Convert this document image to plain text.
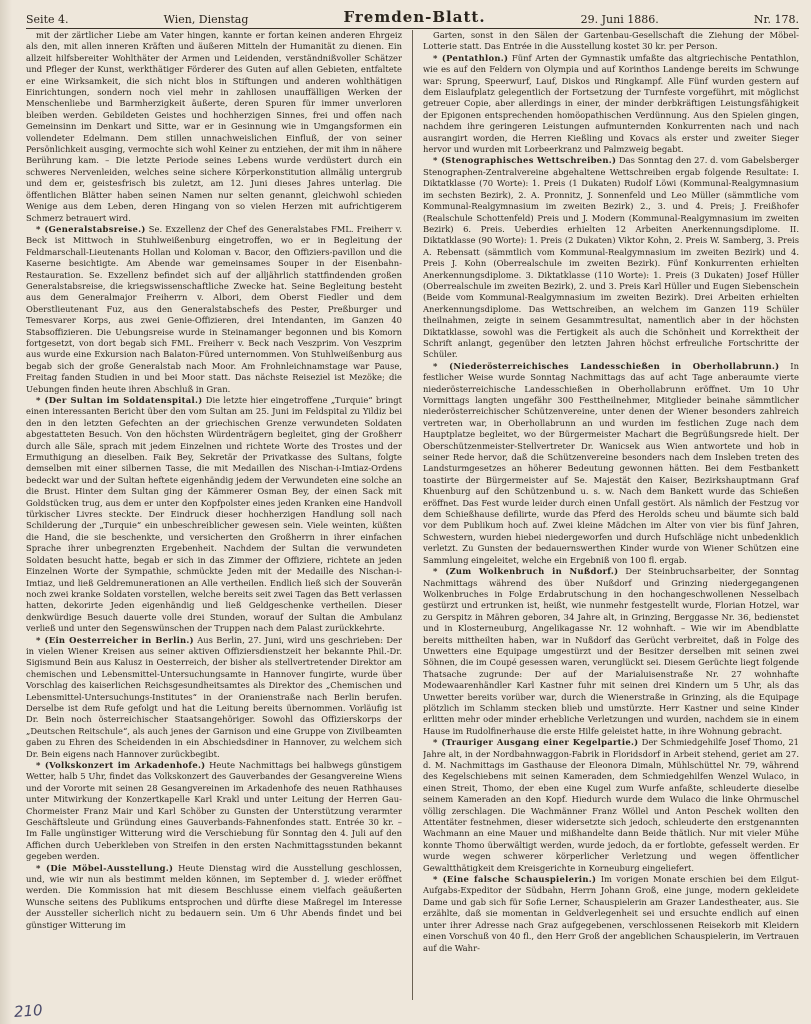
Seite 4.	Wien, Dienstag	Fremden-Blatt.	29. Juni 1886.	Nr. 178.

mit der zärtlicher Liebe am Vater hingen, kannte er fortan keinen anderen Ehrgeiz als den, mit allen inneren Kräften und äußeren Mitteln der Humanität zu dienen. Ein allzeit hilfsbereiter Wohlthäter der Armen und Leidenden, verständnißvoller Schätzer und Pfleger der Kunst, werkthätiger Förderer des Guten auf allen Gebieten, entfaltete er eine Wirksamkeit, die sich nicht blos in Stiftungen und anderen wohlthätigen Einrichtungen, sondern noch viel mehr in zahllosen unauffälligen Werken der Menschenliebe und Barmherzigkeit äußerte, deren Spuren für immer unverloren bleiben werden. Gebildeten Geistes und hochherzigen Sinnes, frei und offen nach Gemeinsinn im Denkart und Sitte, war er in Gesinnung wie in Umgangsformen ein vollendeter Edelmann. Dem stillen unnachweislichen Einfluß, der von seiner Persönlichkeit ausging, vermochte sich wohl Keiner zu entziehen, der mit ihm in nähere Berührung kam. – Die letzte Periode seines Lebens wurde verdüstert durch ein schweres Nervenleiden, welches seine sichere Körperkonstitution allmälig untergrub und dem er, geistesfrisch bis zuletzt, am 12. Juni dieses Jahres unterlag. Die öffentlichen Blätter haben seinen Namen nur selten genannt, gleichwohl schieden Wenige aus dem Leben, deren Hingang von so vielen Herzen mit aufrichtigerem Schmerz betrauert wird.

* (Generalstabsreise.) Se. Exzellenz der Chef des Generalstabes FML. Freiherr v. Beck ist Mittwoch in Stuhlweißenburg eingetroffen, wo er in Begleitung der Feldmarschall-Lieutenants Hollan und Koloman v. Bacor, den Offiziers-pavillon und die Kaserne besichtigte. Am Abende war gemeinsames Souper in der Eisenbahn-Restauration. Se. Exzellenz befindet sich auf der alljährlich stattfindenden großen Generalstabsreise, die kriegswissenschaftliche Zwecke hat. Seine Begleitung besteht aus dem Generalmajor Freiherrn v. Albori, dem Oberst Fiedler und dem Oberstlieutenant Fuz, aus den Generalstabschefs des Pester, Preßburger und Temesvarer Korps, aus zwei Genie-Offizieren, drei Intendanten, im Ganzen 40 Stabsoffizieren. Die Uebungsreise wurde in Steinamanger begonnen und bis Komorn fortgesetzt, von dort begab sich FML. Freiherr v. Beck nach Veszprim. Von Veszprim aus wurde eine Exkursion nach Balaton-Füred unternommen. Von Stuhlweißenburg aus begab sich der große Generalstab nach Moor. Am Frohnleichnamstage war Pause, Freitag fanden Studien in und bei Moor statt. Das nächste Reiseziel ist Mezöke; die Uebungen finden heute ihren Abschluß in Gran.

* (Der Sultan im Soldatenspital.) Die letzte hier eingetroffene „Turquie“ bringt einen interessanten Bericht über den vom Sultan am 25. Juni im Feldspital zu Yildiz bei den in den letzten Gefechten an der griechischen Grenze verwundeten Soldaten abgestatteten Besuch. Von den höchsten Würdenträgern begleitet, ging der Großherr durch alle Säle, sprach mit jedem Einzelnen und richtete Worte des Trostes und der Ermuthigung an dieselben. Faik Bey, Sekretär der Privatkasse des Sultans, folgte demselben mit einer silbernen Tasse, die mit Medaillen des Nischan-i-Imtiaz-Ordens bedeckt war und der Sultan heftete eigenhändig jedem der Verwundeten eine solche an die Brust. Hinter dem Sultan ging der Kämmerer Osman Bey, der einen Sack mit Goldstücken trug, aus dem er unter den Kopfpolster eines jeden Kranken eine Handvoll türkischer Livres steckte. Der Eindruck dieser hochherzigen Handlung soll nach Schilderung der „Turquie“ ein unbeschreiblicher gewesen sein. Viele weinten, küßten die Hand, die sie beschenkte, und versicherten den Großherrn in ihrer einfachen Sprache ihrer unbegrenzten Ergebenheit. Nachdem der Sultan die verwundeten Soldaten besucht hatte, begab er sich in das Zimmer der Offiziere, richtete an jeden Einzelnen Worte der Sympathie, schmückte Jeden mit der Medaille des Nischan-i-Imtiaz, und ließ Geldremunerationen an Alle vertheilen. Endlich ließ sich der Souverän noch zwei kranke Soldaten vorstellen, welche bereits seit zwei Tagen das Bett verlassen hatten, dekorirte Jeden eigenhändig und ließ Geldgeschenke vertheilen. Dieser denkwürdige Besuch dauerte volle drei Stunden, worauf der Sultan die Ambulanz verließ und unter den Segenswünschen der Truppen nach dem Palast zurückkehrte.

* (Ein Oesterreicher in Berlin.) Aus Berlin, 27. Juni, wird uns geschrieben: Der in vielen Wiener Kreisen aus seiner aktiven Offiziersdienstzeit her bekannte Phil.-Dr. Sigismund Bein aus Kalusz in Oesterreich, der bisher als stellvertretender Direktor am chemischen und Lebensmittel-Untersuchungsamte in Hannover fungirte, wurde über Vorschlag des kaiserlichen Reichsgesundheitsamtes als Direktor des „Chemischen und Lebensmittel-Untersuchungs-Institutes“ in der Oranienstraße nach Berlin berufen. Derselbe ist dem Rufe gefolgt und hat die Leitung bereits übernommen. Vorläufig ist Dr. Bein noch österreichischer Staatsangehöriger. Sowohl das Offizierskorps der „Deutschen Reitschule“, als auch jenes der Garnison und eine Gruppe von Zivilbeamten gaben zu Ehren des Scheidenden in ein Abschiedsdiner in Hannover, zu welchem sich Dr. Bein eigens nach Hannover zurückbegibt.

* (Volkskonzert im Arkadenhofe.) Heute Nachmittags bei halbwegs günstigem Wetter, halb 5 Uhr, findet das Volkskonzert des Gauverbandes der Gesangvereine Wiens und der Vororte mit seinen 28 Gesangvereinen im Arkadenhofe des neuen Rathhauses unter Mitwirkung der Konzertkapelle Karl Krakl und unter Leitung der Herren Gau-Chormeister Franz Mair und Karl Schöber zu Gunsten der Unterstützung verarmter Geschäftsleute und Gründung eines Gauverbands-Fahnenfondes statt. Entrée 30 kr. – Im Falle ungünstiger Witterung wird die Verschiebung für Sonntag den 4. Juli auf den Affichen durch Ueberkleben von Streifen in den ersten Nachmittagsstunden bekannt gegeben werden.

* (Die Möbel-Ausstellung.) Heute Dienstag wird die Ausstellung geschlossen, und, wie wir nun als bestimmt melden können, im September d. J. wieder eröffnet werden. Die Kommission hat mit diesem Beschlusse einem vielfach geäußerten Wunsche seitens des Publikums entsprochen und dürfte diese Maßregel im Interesse der Aussteller sicherlich nicht zu bedauern sein. Um 6 Uhr Abends findet und bei günstiger Witterung im

Garten, sonst in den Sälen der Gartenbau-Gesellschaft die Ziehung der Möbel-Lotterie statt. Das Entrée in die Ausstellung kostet 30 kr. per Person.

* (Pentathlon.) Fünf Arten der Gymnastik umfaßte das altgriechische Pentathlon, wie es auf den Feldern von Olympia und auf Korinthos Landenge bereits im Schwunge war: Sprung, Speerwurf, Lauf, Diskos und Ringkampf. Alle Fünf wurden gestern auf dem Eislaufplatz gelegentlich der Fortsetzung der Turnfeste vorgeführt, mit möglichst getreuer Copie, aber allerdings in einer, der minder derbkräftigen Leistungsfähigkeit der Epigonen entsprechenden homöopathischen Verdünnung. Aus den Spielen gingen, nachdem ihre geringeren Leistungen aufmunternden Konkurrenten nach und nach ausrangirt worden, die Herren Kießling und Kovacs als erster und zweiter Sieger hervor und wurden mit Lorbeerkranz und Palmzweig begabt.

* (Stenographisches Wettschreiben.) Das Sonntag den 27. d. vom Gabelsberger Stenographen-Zentralvereine abgehaltene Wettschreiben ergab folgende Resultate: I. Diktatklasse (70 Worte): 1. Preis (1 Dukaten) Rudolf Löwi (Kommunal-Realgymnasium im sechsten Bezirk), 2. A. Pronnitz, J. Sonnenfeld und Leo Müller (sämmtliche vom Kommunal-Realgymnasium im zweiten Bezirk) 2., 3. und 4. Preis; J. Freißhofer (Realschule Schottenfeld) Preis und J. Modern (Kommunal-Realgymnasium im zweiten Bezirk) 6. Preis. Ueberdies erhielten 12 Arbeiten Anerkennungsdiplome. II. Diktatklasse (90 Worte): 1. Preis (2 Dukaten) Viktor Kohn, 2. Preis W. Samberg, 3. Preis A. Rebensatt (sämmtlich vom Kommunal-Realgymnasium im zweiten Bezirk) und 4. Preis J. Kohn (Oberrealschule im zweiten Bezirk). Fünf Konkurrenten erhielten Anerkennungsdiplome. 3. Diktatklasse (110 Worte): 1. Preis (3 Dukaten) Josef Hüller (Oberrealschule im zweiten Bezirk), 2. und 3. Preis Karl Hüller und Eugen Siebenschein (Beide vom Kommunal-Realgymnasium im zweiten Bezirk). Drei Arbeiten erhielten Anerkennungsdiplome. Das Wettschreiben, an welchem im Ganzen 119 Schüler theilnahmen, zeigte in seinem Gesammtresultat, namentlich aber in der höchsten Diktatklasse, sowohl was die Fertigkeit als auch die Schönheit und Korrektheit der Schrift anlangt, gegenüber den letzten Jahren höchst erfreuliche Fortschritte der Schüler.

* (Niederösterreichisches Landesschießen in Oberhollabrunn.) In festlicher Weise wurde Sonntag Nachmittags das auf acht Tage anberaumte vierte niederösterreichische Landesschießen in Oberhollabrunn eröffnet. Um 10 Uhr Vormittags langten ungefähr 300 Festtheilnehmer, Mitglieder beinahe sämmtlicher niederösterreichischer Schützenvereine, unter denen der Wiener besonders zahlreich vertreten war, in Oberhollabrunn an und wurden im festlichen Zuge nach dem Hauptplatze begleitet, wo der Bürgermeister Machart die Begrüßungsrede hielt. Der Oberschützenmeister-Stellvertreter Dr. Wanicsek aus Wien antwortete und hob in seiner Rede hervor, daß die Schützenvereine besonders nach dem Insleben treten des Landsturmgesetzes an höherer Bedeutung gewonnen hätten. Bei dem Festbankett toastirte der Bürgermeister auf Se. Majestät den Kaiser, Bezirkshauptmann Graf Khuenburg auf den Schützenbund u. s. w. Nach dem Bankett wurde das Schießen eröffnet. Das Fest wurde leider durch einen Unfall gestört. Als nämlich der Festzug vor dem Schießhause defilirte, wurde das Pferd des Herolds scheu und bäumte sich bald vor dem Publikum hoch auf. Zwei kleine Mädchen im Alter von vier bis fünf Jahren, Schwestern, wurden hiebei niedergeworfen und durch Hufschläge nicht unbedenklich verletzt. Zu Gunsten der bedauernswerthen Kinder wurde von Wiener Schützen eine Sammlung eingeleitet, welche ein Ergebniß von 100 fl. ergab.

* (Zum Wolkenbruch in Nußdorf.) Der Steinbruchsarbeiter, der Sonntag Nachmittags während des über Nußdorf und Grinzing niedergegangenen Wolkenbruches in Folge Erdabrutschung in den hochangeschwollenen Nesselbach gestürzt und ertrunken ist, heißt, wie nunmehr festgestellt wurde, Florian Hotzel, war zu Gerspitz in Mähren geboren, 34 Jahre alt, in Grinzing, Berggasse Nr. 36, bedienstet und in Klosterneuburg, Angelikagasse Nr. 12 wohnhaft. – Wie wir im Abendblatte bereits mittheilten haben, war in Nußdorf das Gerücht verbreitet, daß in Folge des Unwetters eine Equipage umgestürzt und der Besitzer derselben mit seinen zwei Söhnen, die im Coupé gesessen waren, verunglückt sei. Diesem Gerüchte liegt folgende Thatsache zugrunde: Der auf der Marialuisenstraße Nr. 27 wohnhafte Modewaarenhändler Karl Kastner fuhr mit seinen drei Kindern um 5 Uhr, als das Unwetter bereits vorüber war, durch die Wienerstraße in Grinzing, als die Equipage plötzlich im Schlamm stecken blieb und umstürzte. Herr Kastner und seine Kinder erlitten mehr oder minder erhebliche Verletzungen und wurden, nachdem sie in einem Hause im Rudolfinerhause die erste Hilfe geleistet hatte, in ihre Wohnung gebracht.

* (Trauriger Ausgang einer Kegelpartie.) Der Schmiedgehilfe Josef Thomo, 21 Jahre alt, in der Nordbahnwaggon-Fabrik in Floridsdorf in Arbeit stehend, geriet am 27. d. M. Nachmittags im Gasthause der Eleonora Dimaln, Mühlschüttel Nr. 79, während des Kegelschiebens mit seinen Kameraden, dem Schmiedgehilfen Wenzel Wulaco, in einen Streit, Thomo, der eben eine Kugel zum Wurfe anfaßte, schleuderte dieselbe seinem Kameraden an den Kopf. Hiedurch wurde dem Wulaco die linke Ohrmuschel völlig zerschlagen. Die Wachmänner Franz Wöllel und Anton Peschek wollten den Attentäter festnehmen, dieser widersetzte sich jedoch, schleuderte den erstgenannten Wachmann an eine Mauer und mißhandelte dann Beide thätlich. Nur mit vieler Mühe konnte Thomo überwältigt werden, wurde jedoch, da er fortlobte, gefesselt werden. Er wurde wegen schwerer körperlicher Verletzung und wegen öffentlicher Gewaltthätigkeit dem Kreisgerichte in Korneuburg eingeliefert.

* (Eine falsche Schauspielerin.) Im vorigen Monate erschien bei dem Eilgut-Aufgabs-Expeditor der Südbahn, Herrn Johann Groß, eine junge, modern gekleidete Dame und gab sich für Sofie Lerner, Schauspielerin am Grazer Landestheater, aus. Sie erzählte, daß sie momentan in Geldverlegenheit sei und ersuchte endlich auf einen unter ihrer Adresse nach Graz aufgegebenen, verschlossenen Reisekorb mit Kleidern einen Vorschuß von 40 fl., den Herr Groß der angeblichen Schauspielerin, im Vertrauen auf die Wahr-

210
